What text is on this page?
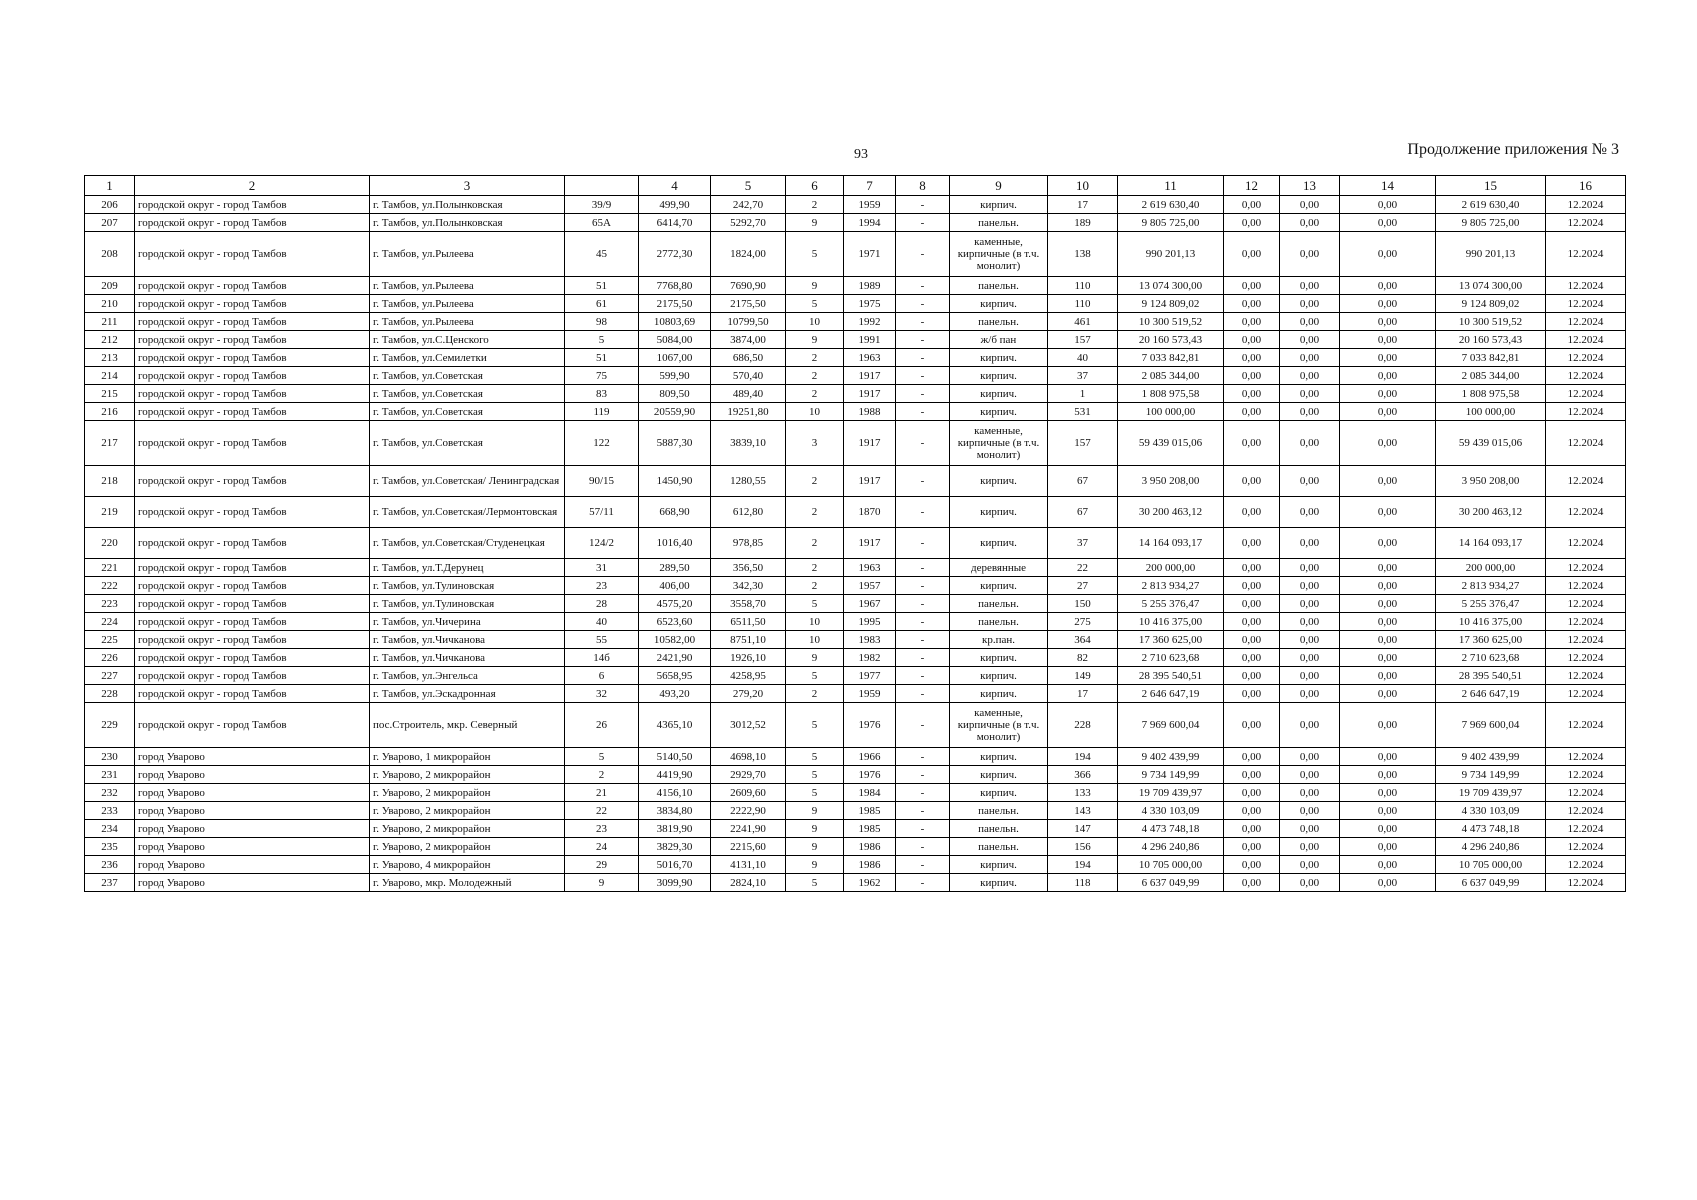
93	Продолжение приложения № 3
1	2	3		4	5	6	7	8	9	10	11	12	13	14	15	16
206	городской округ - город Тамбов	г. Тамбов, ул.Полынковская	39/9	499,90	242,70	2	1959	-	кирпич.	17	2 619 630,40	0,00	0,00	0,00	2 619 630,40	12.2024
207	городской округ - город Тамбов	г. Тамбов, ул.Полынковская	65А	6414,70	5292,70	9	1994	-	панельн.	189	9 805 725,00	0,00	0,00	0,00	9 805 725,00	12.2024
208	городской округ - город Тамбов	г. Тамбов, ул.Рылеева	45	2772,30	1824,00	5	1971	-	каменные, кирпичные (в т.ч. монолит)	138	990 201,13	0,00	0,00	0,00	990 201,13	12.2024
209	городской округ - город Тамбов	г. Тамбов, ул.Рылеева	51	7768,80	7690,90	9	1989	-	панельн.	110	13 074 300,00	0,00	0,00	0,00	13 074 300,00	12.2024
210	городской округ - город Тамбов	г. Тамбов, ул.Рылеева	61	2175,50	2175,50	5	1975	-	кирпич.	110	9 124 809,02	0,00	0,00	0,00	9 124 809,02	12.2024
211	городской округ - город Тамбов	г. Тамбов, ул.Рылеева	98	10803,69	10799,50	10	1992	-	панельн.	461	10 300 519,52	0,00	0,00	0,00	10 300 519,52	12.2024
212	городской округ - город Тамбов	г. Тамбов, ул.С.Ценского	5	5084,00	3874,00	9	1991	-	ж/б пан	157	20 160 573,43	0,00	0,00	0,00	20 160 573,43	12.2024
213	городской округ - город Тамбов	г. Тамбов, ул.Семилетки	51	1067,00	686,50	2	1963	-	кирпич.	40	7 033 842,81	0,00	0,00	0,00	7 033 842,81	12.2024
214	городской округ - город Тамбов	г. Тамбов, ул.Советская	75	599,90	570,40	2	1917	-	кирпич.	37	2 085 344,00	0,00	0,00	0,00	2 085 344,00	12.2024
215	городской округ - город Тамбов	г. Тамбов, ул.Советская	83	809,50	489,40	2	1917	-	кирпич.	1	1 808 975,58	0,00	0,00	0,00	1 808 975,58	12.2024
216	городской округ - город Тамбов	г. Тамбов, ул.Советская	119	20559,90	19251,80	10	1988	-	кирпич.	531	100 000,00	0,00	0,00	0,00	100 000,00	12.2024
217	городской округ - город Тамбов	г. Тамбов, ул.Советская	122	5887,30	3839,10	3	1917	-	каменные, кирпичные (в т.ч. монолит)	157	59 439 015,06	0,00	0,00	0,00	59 439 015,06	12.2024
218	городской округ - город Тамбов	г. Тамбов, ул.Советская/ Ленинградская	90/15	1450,90	1280,55	2	1917	-	кирпич.	67	3 950 208,00	0,00	0,00	0,00	3 950 208,00	12.2024
219	городской округ - город Тамбов	г. Тамбов, ул.Советская/Лермонтовская	57/11	668,90	612,80	2	1870	-	кирпич.	67	30 200 463,12	0,00	0,00	0,00	30 200 463,12	12.2024
220	городской округ - город Тамбов	г. Тамбов, ул.Советская/Студенецкая	124/2	1016,40	978,85	2	1917	-	кирпич.	37	14 164 093,17	0,00	0,00	0,00	14 164 093,17	12.2024
221	городской округ - город Тамбов	г. Тамбов, ул.Т.Дерунец	31	289,50	356,50	2	1963	-	деревянные	22	200 000,00	0,00	0,00	0,00	200 000,00	12.2024
222	городской округ - город Тамбов	г. Тамбов, ул.Тулиновская	23	406,00	342,30	2	1957	-	кирпич.	27	2 813 934,27	0,00	0,00	0,00	2 813 934,27	12.2024
223	городской округ - город Тамбов	г. Тамбов, ул.Тулиновская	28	4575,20	3558,70	5	1967	-	панельн.	150	5 255 376,47	0,00	0,00	0,00	5 255 376,47	12.2024
224	городской округ - город Тамбов	г. Тамбов, ул.Чичерина	40	6523,60	6511,50	10	1995	-	панельн.	275	10 416 375,00	0,00	0,00	0,00	10 416 375,00	12.2024
225	городской округ - город Тамбов	г. Тамбов, ул.Чичканова	55	10582,00	8751,10	10	1983	-	кр.пан.	364	17 360 625,00	0,00	0,00	0,00	17 360 625,00	12.2024
226	городской округ - город Тамбов	г. Тамбов, ул.Чичканова	14б	2421,90	1926,10	9	1982	-	кирпич.	82	2 710 623,68	0,00	0,00	0,00	2 710 623,68	12.2024
227	городской округ - город Тамбов	г. Тамбов, ул.Энгельса	6	5658,95	4258,95	5	1977	-	кирпич.	149	28 395 540,51	0,00	0,00	0,00	28 395 540,51	12.2024
228	городской округ - город Тамбов	г. Тамбов, ул.Эскадронная	32	493,20	279,20	2	1959	-	кирпич.	17	2 646 647,19	0,00	0,00	0,00	2 646 647,19	12.2024
229	городской округ - город Тамбов	пос.Строитель, мкр. Северный	26	4365,10	3012,52	5	1976	-	каменные, кирпичные (в т.ч. монолит)	228	7 969 600,04	0,00	0,00	0,00	7 969 600,04	12.2024
230	город Уварово	г. Уварово, 1 микрорайон	5	5140,50	4698,10	5	1966	-	кирпич.	194	9 402 439,99	0,00	0,00	0,00	9 402 439,99	12.2024
231	город Уварово	г. Уварово, 2 микрорайон	2	4419,90	2929,70	5	1976	-	кирпич.	366	9 734 149,99	0,00	0,00	0,00	9 734 149,99	12.2024
232	город Уварово	г. Уварово, 2 микрорайон	21	4156,10	2609,60	5	1984	-	кирпич.	133	19 709 439,97	0,00	0,00	0,00	19 709 439,97	12.2024
233	город Уварово	г. Уварово, 2 микрорайон	22	3834,80	2222,90	9	1985	-	панельн.	143	4 330 103,09	0,00	0,00	0,00	4 330 103,09	12.2024
234	город Уварово	г. Уварово, 2 микрорайон	23	3819,90	2241,90	9	1985	-	панельн.	147	4 473 748,18	0,00	0,00	0,00	4 473 748,18	12.2024
235	город Уварово	г. Уварово, 2 микрорайон	24	3829,30	2215,60	9	1986	-	панельн.	156	4 296 240,86	0,00	0,00	0,00	4 296 240,86	12.2024
236	город Уварово	г. Уварово, 4 микрорайон	29	5016,70	4131,10	9	1986	-	кирпич.	194	10 705 000,00	0,00	0,00	0,00	10 705 000,00	12.2024
237	город Уварово	г. Уварово, мкр. Молодежный	9	3099,90	2824,10	5	1962	-	кирпич.	118	6 637 049,99	0,00	0,00	0,00	6 637 049,99	12.2024
